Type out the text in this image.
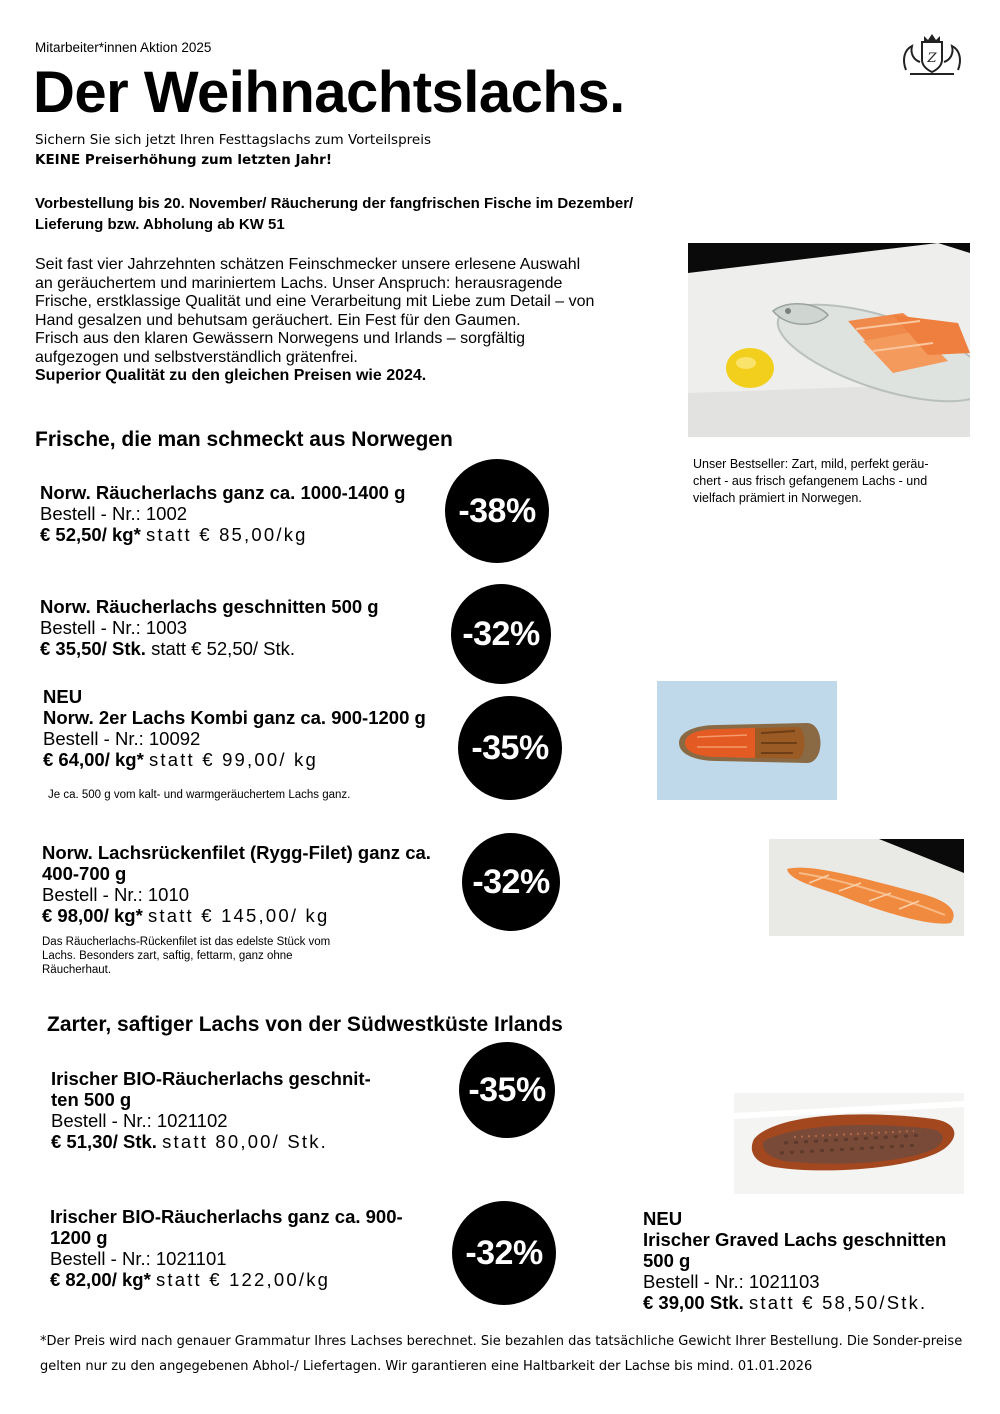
Mitarbeiter*innen Aktion 2025
Der Weihnachtslachs.
Sichern Sie sich jetzt Ihren Festtagslachs zum Vorteilspreis
KEINE Preiserhöhung zum letzten Jahr!
Vorbestellung bis 20. November/ Räucherung der fangfrischen Fische im Dezember/ Lieferung bzw. Abholung ab KW 51
Z

Seit fast vier Jahrzehnten schätzen Feinschmecker unsere erlesene Auswahl an geräuchertem und mariniertem Lachs. Unser Anspruch: herausragende Frische, erstklassige Qualität und eine Verarbeitung mit Liebe zum Detail – von Hand gesalzen und behutsam geräuchert. Ein Fest für den Gaumen.

Frisch aus den klaren Gewässern Norwegens und Irlands – sorgfältig aufgezogen und selbstverständlich grätenfrei.

Superior Qualität zu den gleichen Preisen wie 2024.

Unser Bestseller: Zart, mild, perfekt geräu-chert - aus frisch gefangenem Lachs - und vielfach prämiert in Norwegen.
Frische, die man schmeckt aus Norwegen
Norw. Räucherlachs ganz ca. 1000-1400 g
Bestell - Nr.: 1002
€ 52,50/ kg* statt € 85,00/kg
-38%
Norw. Räucherlachs geschnitten 500 g
Bestell - Nr.: 1003
€ 35,50/ Stk. statt € 52,50/ Stk.	-32%
NEU
Norw. 2er Lachs Kombi ganz ca. 900-1200 g
Bestell - Nr.: 10092
€ 64,00/ kg* statt € 99,00/ kg
Je ca. 500 g vom kalt- und warmgeräuchertem Lachs ganz.
-35%
Norw. Lachsrückenfilet (Rygg-Filet) ganz ca. 400-700 g
Bestell - Nr.: 1010
€ 98,00/ kg* statt € 145,00/ kg
Das Räucherlachs-Rückenfilet ist das edelste Stück vom Lachs. Besonders zart, saftig, fettarm, ganz ohne Räucherhaut.
-32%
Zarter, saftiger Lachs von der Südwestküste Irlands
Irischer BIO-Räucherlachs geschnit-ten 500 g
Bestell - Nr.: 1021102
€ 51,30/ Stk. statt 80,00/ Stk.
-35%
Irischer BIO-Räucherlachs ganz ca. 900-1200 g
Bestell - Nr.: 1021101
€ 82,00/ kg* statt € 122,00/kg
-32%
NEU
Irischer Graved Lachs geschnitten 500 g
Bestell - Nr.: 1021103
€ 39,00 Stk. statt € 58,50/Stk.
*Der Preis wird nach genauer Grammatur Ihres Lachses berechnet. Sie bezahlen das tatsächliche Gewicht Ihrer Bestellung. Die Sonder-preise gelten nur zu den angegebenen Abhol-/ Liefertagen. Wir garantieren eine Haltbarkeit der Lachse bis mind. 01.01.2026
